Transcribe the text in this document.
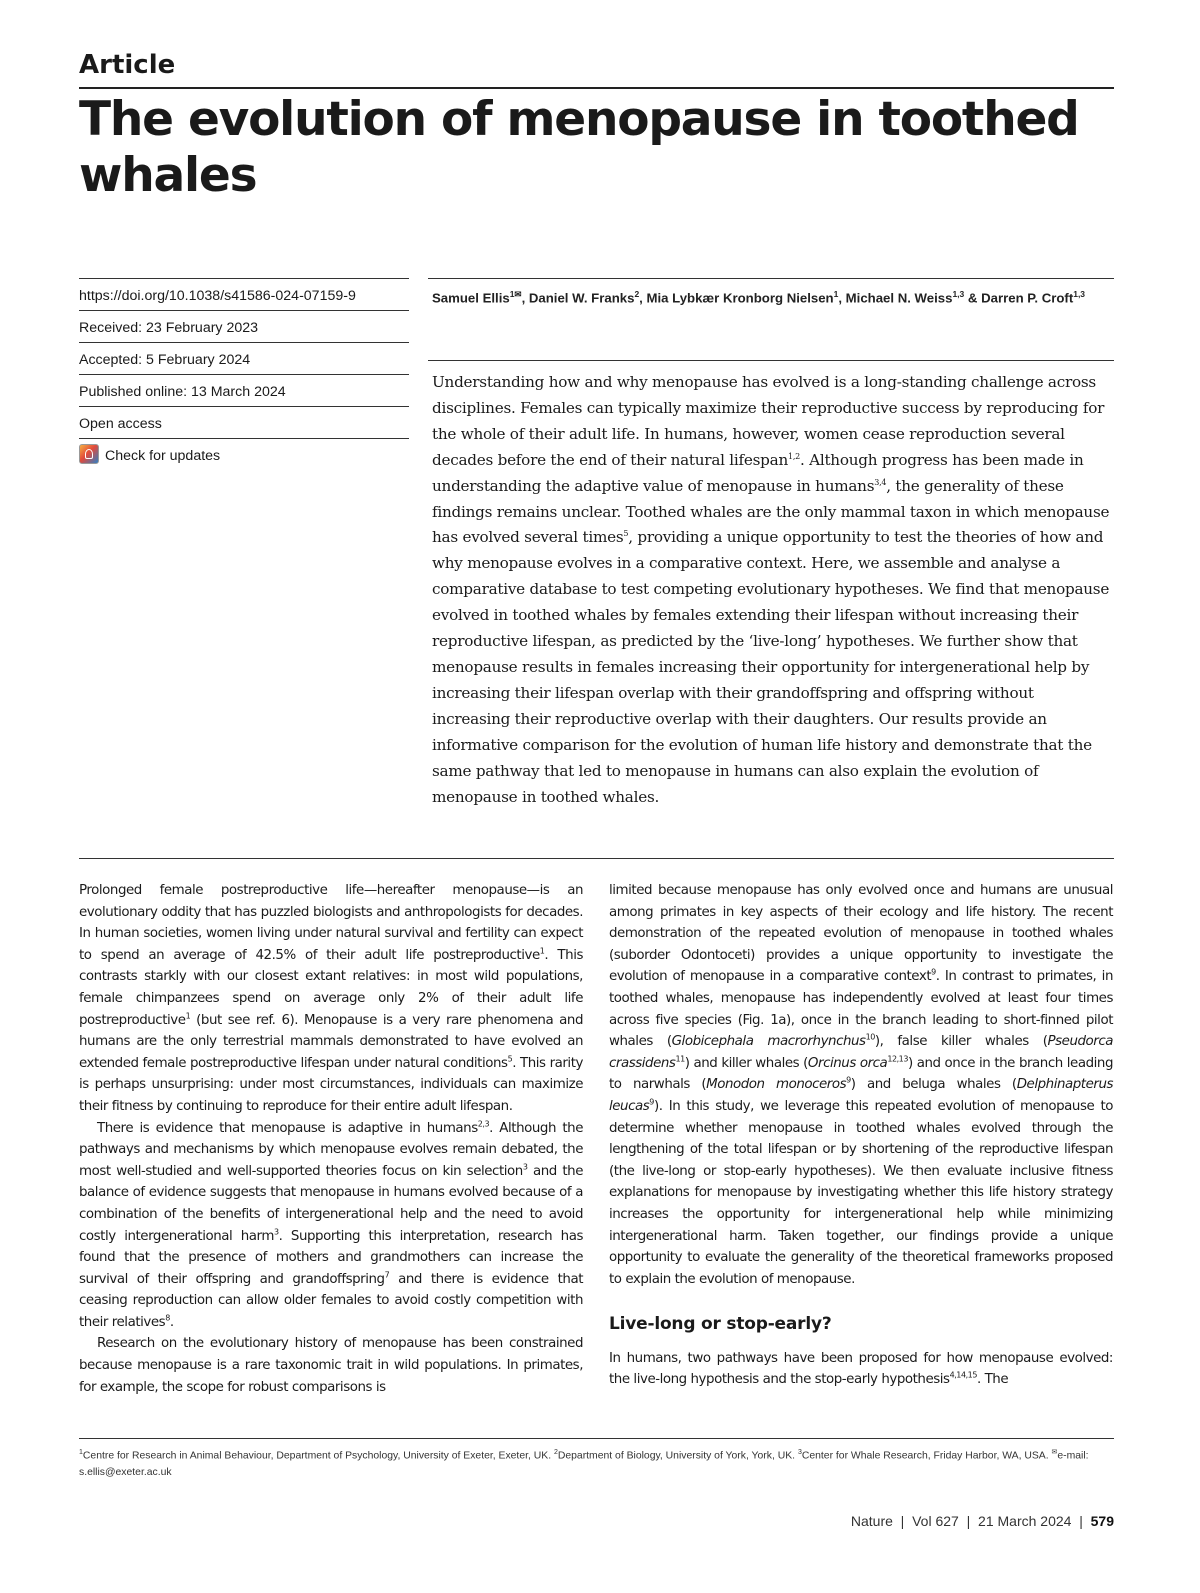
Article
The evolution of menopause in toothed whales
https://doi.org/10.1038/s41586-024-07159-9
Received: 23 February 2023
Accepted: 5 February 2024
Published online: 13 March 2024
Open access
Check for updates
Samuel Ellis$^{1✉}$, Daniel W. Franks$^2$, Mia Lybkær Kronborg Nielsen$^1$, Michael N. Weiss$^{1,3}$ & Darren P. Croft$^{1,3}$
Understanding how and why menopause has evolved is a long-standing challenge across disciplines. Females can typically maximize their reproductive success by reproducing for the whole of their adult life. In humans, however, women cease reproduction several decades before the end of their natural lifespan$^{1,2}$. Although progress has been made in understanding the adaptive value of menopause in humans$^{3,4}$, the generality of these findings remains unclear. Toothed whales are the only mammal taxon in which menopause has evolved several times$^5$, providing a unique opportunity to test the theories of how and why menopause evolves in a comparative context. Here, we assemble and analyse a comparative database to test competing evolutionary hypotheses. We find that menopause evolved in toothed whales by females extending their lifespan without increasing their reproductive lifespan, as predicted by the ‘live-long’ hypotheses. We further show that menopause results in females increasing their opportunity for intergenerational help by increasing their lifespan overlap with their grandoffspring and offspring without increasing their reproductive overlap with their daughters. Our results provide an informative comparison for the evolution of human life history and demonstrate that the same pathway that led to menopause in humans can also explain the evolution of menopause in toothed whales.

Prolonged female postreproductive life—hereafter menopause—is an evolutionary oddity that has puzzled biologists and anthropologists for decades. In human societies, women living under natural survival and fertility can expect to spend an average of 42.5% of their adult life postreproductive$^1$. This contrasts starkly with our closest extant relatives: in most wild populations, female chimpanzees spend on average only 2% of their adult life postreproductive$^1$ (but see ref. 6). Menopause is a very rare phenomena and humans are the only terrestrial mammals demonstrated to have evolved an extended female postreproductive lifespan under natural conditions$^5$. This rarity is perhaps unsurprising: under most circumstances, individuals can maximize their fitness by continuing to reproduce for their entire adult lifespan.

There is evidence that menopause is adaptive in humans$^{2,3}$. Although the pathways and mechanisms by which menopause evolves remain debated, the most well-studied and well-supported theories focus on kin selection$^3$ and the balance of evidence suggests that menopause in humans evolved because of a combination of the benefits of intergenerational help and the need to avoid costly intergenerational harm$^3$. Supporting this interpretation, research has found that the presence of mothers and grandmothers can increase the survival of their offspring and grandoffspring$^7$ and there is evidence that ceasing reproduction can allow older females to avoid costly competition with their relatives$^8$.

Research on the evolutionary history of menopause has been constrained because menopause is a rare taxonomic trait in wild populations. In primates, for example, the scope for robust comparisons is

limited because menopause has only evolved once and humans are unusual among primates in key aspects of their ecology and life history. The recent demonstration of the repeated evolution of menopause in toothed whales (suborder Odontoceti) provides a unique opportunity to investigate the evolution of menopause in a comparative context$^9$. In contrast to primates, in toothed whales, menopause has independently evolved at least four times across five species (Fig. 1a), once in the branch leading to short-finned pilot whales (Globicephala macrorhynchus$^{10}$), false killer whales (Pseudorca crassidens$^{11}$) and killer whales (Orcinus orca$^{12,13}$) and once in the branch leading to narwhals (Monodon monoceros$^9$) and beluga whales (Delphinapterus leucas$^9$). In this study, we leverage this repeated evolution of menopause to determine whether menopause in toothed whales evolved through the lengthening of the total lifespan or by shortening of the reproductive lifespan (the live-long or stop-early hypotheses). We then evaluate inclusive fitness explanations for menopause by investigating whether this life history strategy increases the opportunity for intergenerational help while minimizing intergenerational harm. Taken together, our findings provide a unique opportunity to evaluate the generality of the theoretical frameworks proposed to explain the evolution of menopause.

Live-long or stop-early?

In humans, two pathways have been proposed for how menopause evolved: the live-long hypothesis and the stop-early hypothesis$^{4,14,15}$. The

$^1$Centre for Research in Animal Behaviour, Department of Psychology, University of Exeter, Exeter, UK. $^2$Department of Biology, University of York, York, UK. $^3$Center for Whale Research, Friday Harbor, WA, USA. ✉e-mail: s.ellis@exeter.ac.uk
Nature  |  Vol 627  |  21 March 2024  |  579
